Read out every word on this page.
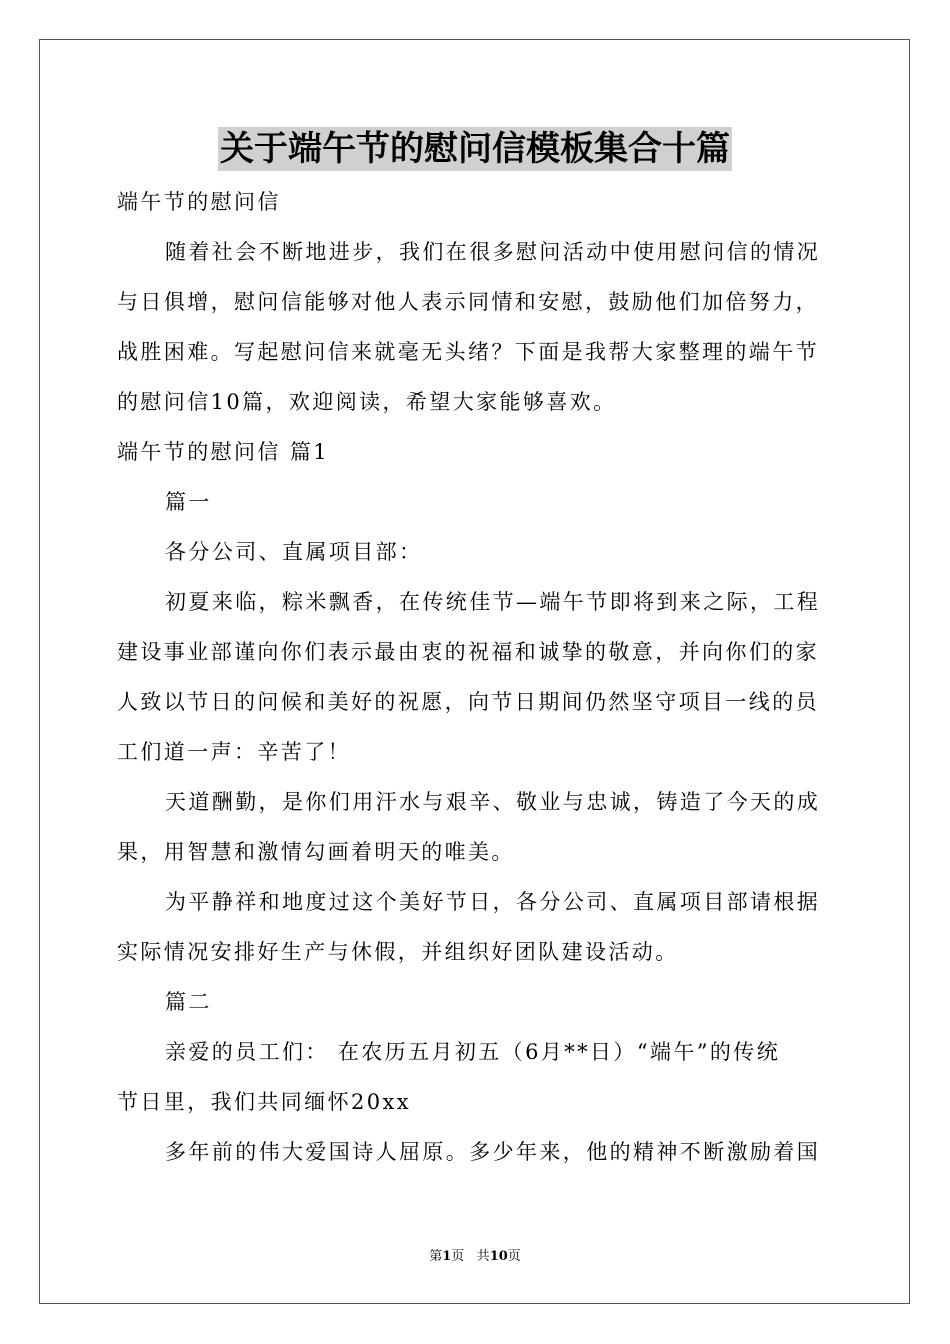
关于端午节的慰问信模板集合十篇
端午节的慰问信
随着社会不断地进步，我们在很多慰问活动中使用慰问信的情况
与日俱增，慰问信能够对他人表示同情和安慰，鼓励他们加倍努力，
战胜困难。写起慰问信来就毫无头绪？下面是我帮大家整理的端午节
的慰问信10篇，欢迎阅读，希望大家能够喜欢。
端午节的慰问信 篇1
篇一
各分公司、直属项目部：
初夏来临，粽米飘香，在传统佳节—端午节即将到来之际，工程
建设事业部谨向你们表示最由衷的祝福和诚挚的敬意，并向你们的家
人致以节日的问候和美好的祝愿，向节日期间仍然坚守项目一线的员
工们道一声：辛苦了！
天道酬勤，是你们用汗水与艰辛、敬业与忠诚，铸造了今天的成
果，用智慧和激情勾画着明天的唯美。
为平静祥和地度过这个美好节日，各分公司、直属项目部请根据
实际情况安排好生产与休假，并组织好团队建设活动。
篇二
亲爱的员工们： 在农历五月初五（6月**日）“端午”的传统
节日里，我们共同缅怀20xx
多年前的伟大爱国诗人屈原。多少年来，他的精神不断激励着国
第1页 共10页
